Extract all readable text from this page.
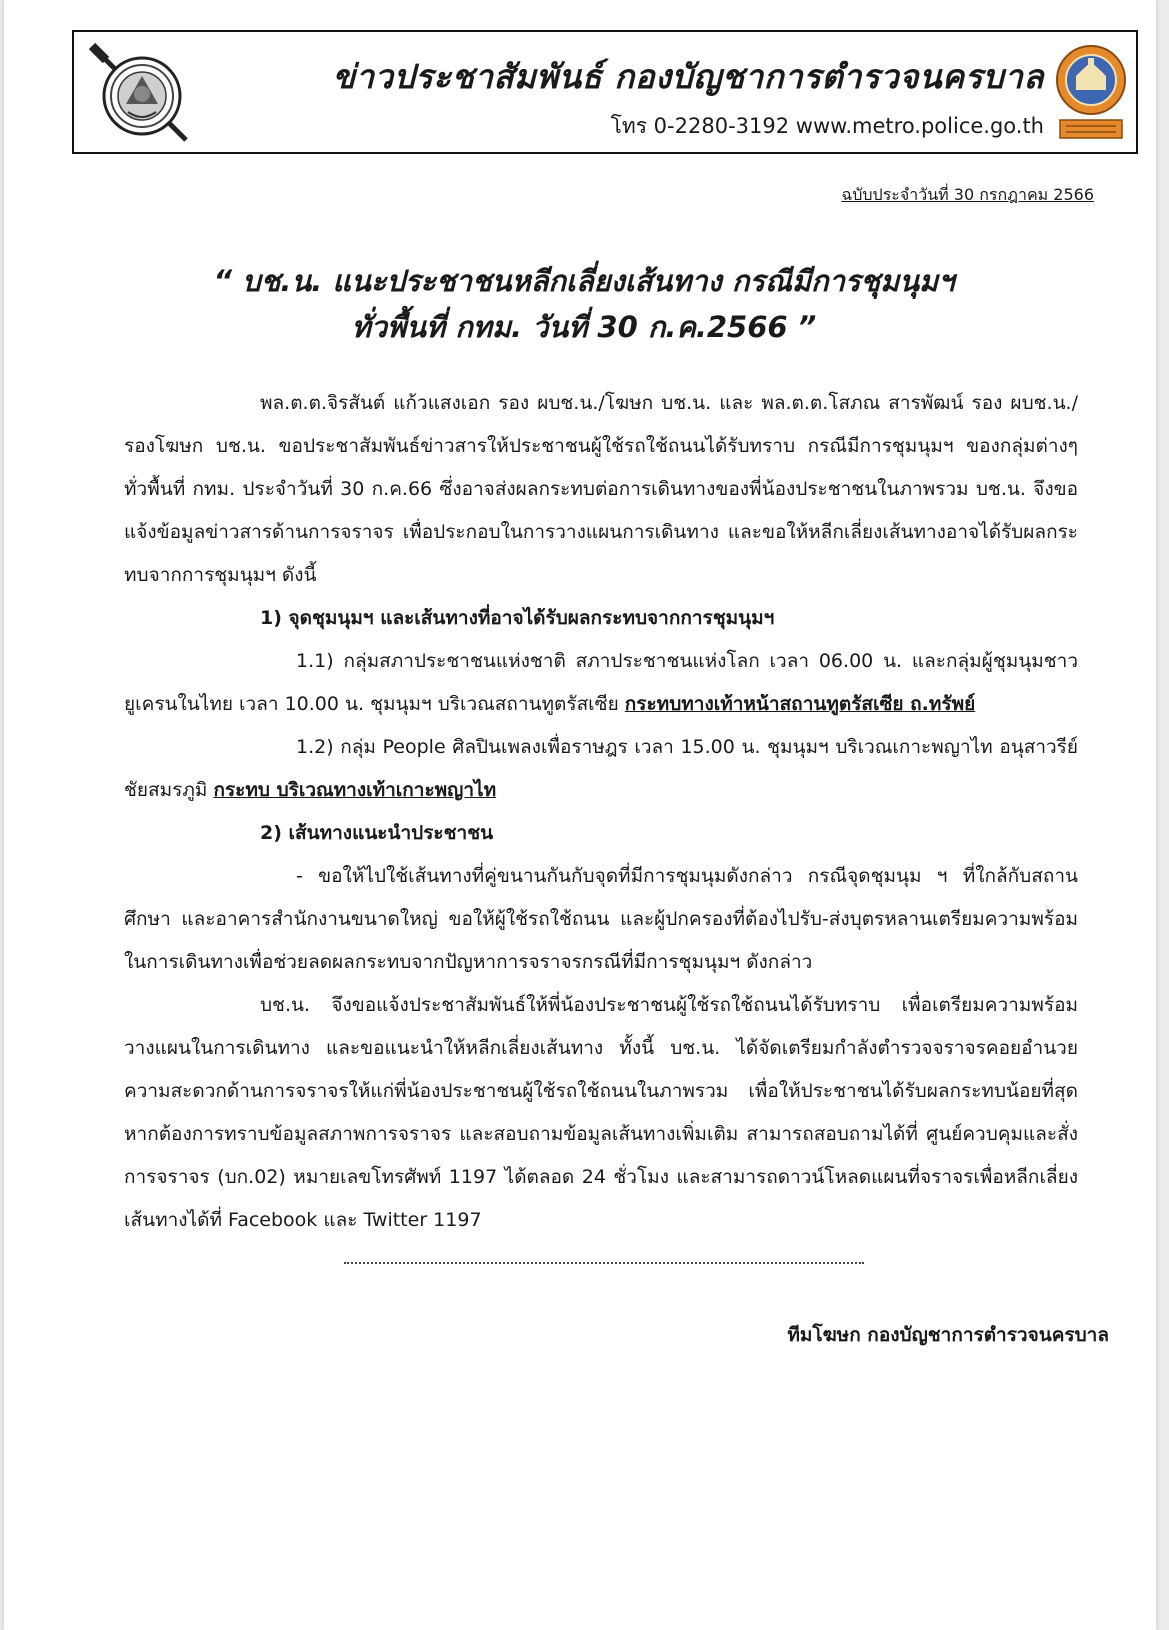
ข่าวประชาสัมพันธ์ กองบัญชาการตำรวจนครบาล
โทร 0-2280-3192 www.metro.police.go.th
ฉบับประจำวันที่ 30 กรกฎาคม 2566
“ บช.น. แนะประชาชนหลีกเลี่ยงเส้นทาง กรณีมีการชุมนุมฯ
ทั่วพื้นที่ กทม. วันที่ 30 ก.ค.2566 ”

พล.ต.ต.จิรสันต์ แก้วแสงเอก รอง ผบช.น./โฆษก บช.น. และ พล.ต.ต.โสภณ สารพัฒน์ รอง ผบช.น./ รองโฆษก บช.น. ขอประชาสัมพันธ์ข่าวสารให้ประชาชนผู้ใช้รถใช้ถนนได้รับทราบ กรณีมีการชุมนุมฯ ของกลุ่มต่างๆ ทั่วพื้นที่ กทม. ประจำวันที่ 30 ก.ค.66 ซึ่งอาจส่งผลกระทบต่อการเดินทางของพี่น้องประชาชนในภาพรวม บช.น. จึงขอแจ้งข้อมูลข่าวสารด้านการจราจร เพื่อประกอบในการวางแผนการเดินทาง และขอให้หลีกเลี่ยงเส้นทางอาจได้รับผลกระทบจากการชุมนุมฯ ดังนี้

1) จุดชุมนุมฯ และเส้นทางที่อาจได้รับผลกระทบจากการชุมนุมฯ

1.1) กลุ่มสภาประชาชนแห่งชาติ สภาประชาชนแห่งโลก เวลา 06.00 น. และกลุ่มผู้ชุมนุมชาวยูเครนในไทย เวลา 10.00 น. ชุมนุมฯ บริเวณสถานทูตรัสเซีย กระทบทางเท้าหน้าสถานทูตรัสเซีย ถ.ทรัพย์

1.2) กลุ่ม People ศิลปินเพลงเพื่อราษฎร เวลา 15.00 น. ชุมนุมฯ บริเวณเกาะพญาไท อนุสาวรีย์ชัยสมรภูมิ กระทบ บริเวณทางเท้าเกาะพญาไท

2) เส้นทางแนะนำประชาชน

- ขอให้ไปใช้เส้นทางที่คู่ขนานกันกับจุดที่มีการชุมนุมดังกล่าว กรณีจุดชุมนุม ฯ ที่ใกล้กับสถานศึกษา และอาคารสำนักงานขนาดใหญ่ ขอให้ผู้ใช้รถใช้ถนน และผู้ปกครองที่ต้องไปรับ-ส่งบุตรหลานเตรียมความพร้อมในการเดินทางเพื่อช่วยลดผลกระทบจากปัญหาการจราจรกรณีที่มีการชุมนุมฯ ดังกล่าว

บช.น. จึงขอแจ้งประชาสัมพันธ์ให้พี่น้องประชาชนผู้ใช้รถใช้ถนนได้รับทราบ เพื่อเตรียมความพร้อมวางแผนในการเดินทาง และขอแนะนำให้หลีกเลี่ยงเส้นทาง ทั้งนี้ บช.น. ได้จัดเตรียมกำลังตำรวจจราจรคอยอำนวยความสะดวกด้านการจราจรให้แก่พี่น้องประชาชนผู้ใช้รถใช้ถนนในภาพรวม เพื่อให้ประชาชนได้รับผลกระทบน้อยที่สุด หากต้องการทราบข้อมูลสภาพการจราจร และสอบถามข้อมูลเส้นทางเพิ่มเติม สามารถสอบถามได้ที่ ศูนย์ควบคุมและสั่งการจราจร (บก.02) หมายเลขโทรศัพท์ 1197 ได้ตลอด 24 ชั่วโมง และสามารถดาวน์โหลดแผนที่จราจรเพื่อหลีกเลี่ยงเส้นทางได้ที่ Facebook และ Twitter 1197

ทีมโฆษก กองบัญชาการตำรวจนครบาล
